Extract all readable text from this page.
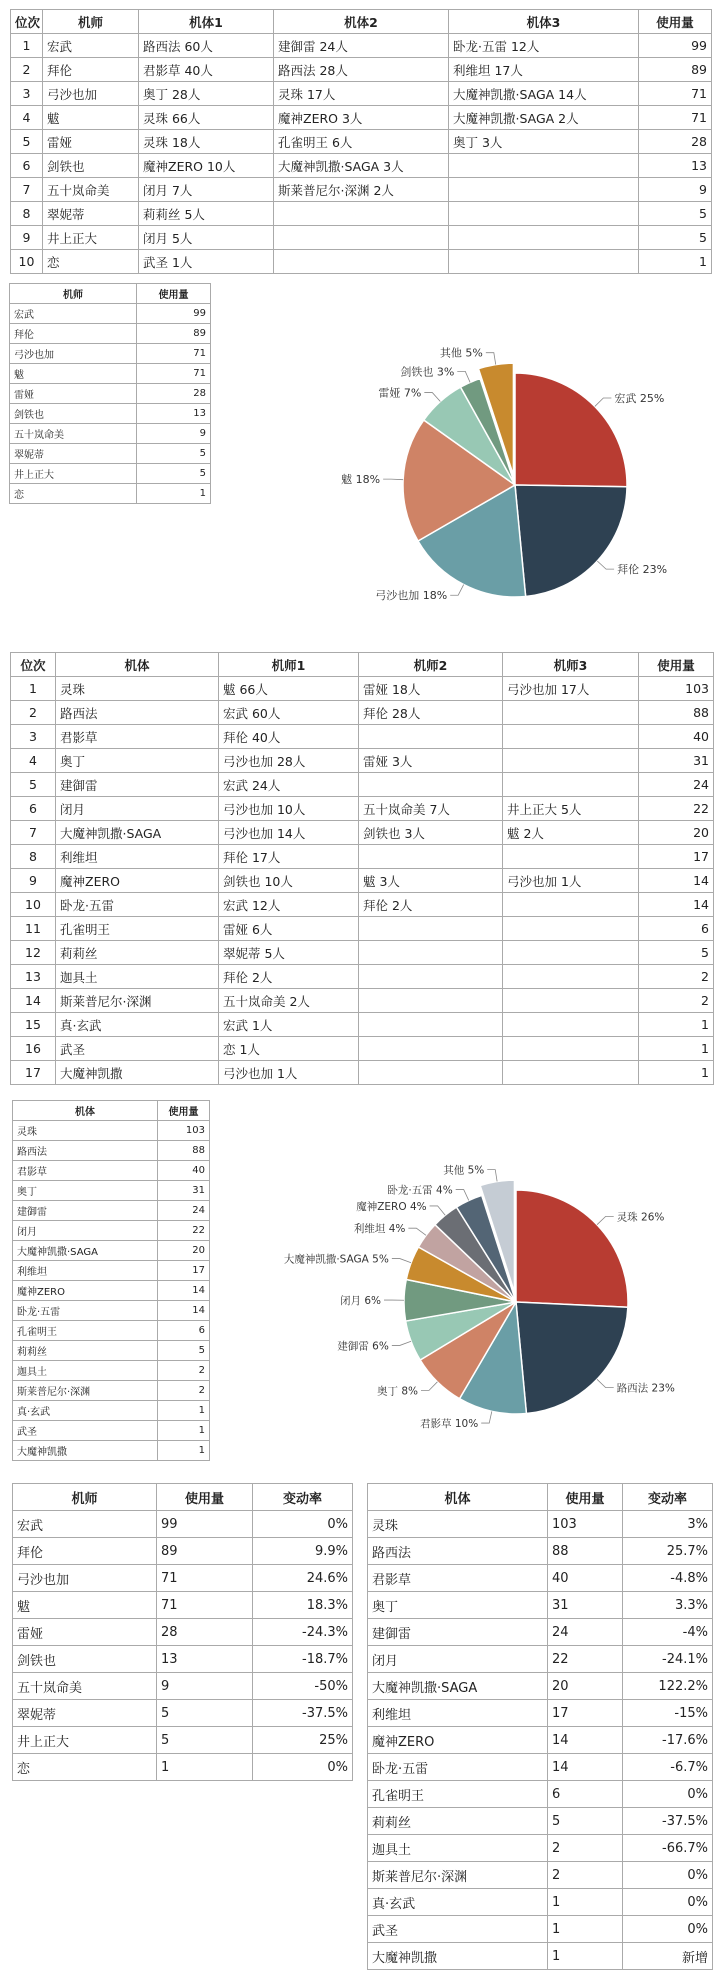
位次	机师	机体1	机体2	机体3	使用量
1	宏武	路西法 60人	建御雷 24人	卧龙·五雷 12人	99
2	拜伦	君影草 40人	路西法 28人	利维坦 17人	89
3	弓沙也加	奥丁 28人	灵珠 17人	大魔神凯撒·SAGA 14人	71
4	魃	灵珠 66人	魔神ZERO 3人	大魔神凯撒·SAGA 2人	71
5	雷娅	灵珠 18人	孔雀明王 6人	奥丁 3人	28
6	剑铁也	魔神ZERO 10人	大魔神凯撒·SAGA 3人		13
7	五十岚命美	闭月 7人	斯莱普尼尔·深渊 2人		9
8	翠妮蒂	莉莉丝 5人			5
9	井上正大	闭月 5人			5
10	恋	武圣 1人			1
机师	使用量
宏武	99
拜伦	89
弓沙也加	71
魃	71
雷娅	28
剑铁也	13
五十岚命美	9
翠妮蒂	5
井上正大	5
恋	1
宏武 25%
拜伦 23%
弓沙也加 18%
魃 18%
雷娅 7%
剑铁也 3%
其他 5%
位次	机体	机师1	机师2	机师3	使用量
1	灵珠	魃 66人	雷娅 18人	弓沙也加 17人	103
2	路西法	宏武 60人	拜伦 28人		88
3	君影草	拜伦 40人			40
4	奥丁	弓沙也加 28人	雷娅 3人		31
5	建御雷	宏武 24人			24
6	闭月	弓沙也加 10人	五十岚命美 7人	井上正大 5人	22
7	大魔神凯撒·SAGA	弓沙也加 14人	剑铁也 3人	魃 2人	20
8	利维坦	拜伦 17人			17
9	魔神ZERO	剑铁也 10人	魃 3人	弓沙也加 1人	14
10	卧龙·五雷	宏武 12人	拜伦 2人		14
11	孔雀明王	雷娅 6人			6
12	莉莉丝	翠妮蒂 5人			5
13	迦具土	拜伦 2人			2
14	斯莱普尼尔·深渊	五十岚命美 2人			2
15	真·玄武	宏武 1人			1
16	武圣	恋 1人			1
17	大魔神凯撒	弓沙也加 1人			1
机体	使用量
灵珠	103
路西法	88
君影草	40
奥丁	31
建御雷	24
闭月	22
大魔神凯撒·SAGA	20
利维坦	17
魔神ZERO	14
卧龙·五雷	14
孔雀明王	6
莉莉丝	5
迦具土	2
斯莱普尼尔·深渊	2
真·玄武	1
武圣	1
大魔神凯撒	1
灵珠 26%
路西法 23%
君影草 10%
奥丁 8%
建御雷 6%
闭月 6%
大魔神凯撒·SAGA 5%
利维坦 4%
魔神ZERO 4%
卧龙·五雷 4%
其他 5%
机师	使用量	变动率
宏武	99	0%
拜伦	89	9.9%
弓沙也加	71	24.6%
魃	71	18.3%
雷娅	28	-24.3%
剑铁也	13	-18.7%
五十岚命美	9	-50%
翠妮蒂	5	-37.5%
井上正大	5	25%
恋	1	0%
机体	使用量	变动率
灵珠	103	3%
路西法	88	25.7%
君影草	40	-4.8%
奥丁	31	3.3%
建御雷	24	-4%
闭月	22	-24.1%
大魔神凯撒·SAGA	20	122.2%
利维坦	17	-15%
魔神ZERO	14	-17.6%
卧龙·五雷	14	-6.7%
孔雀明王	6	0%
莉莉丝	5	-37.5%
迦具土	2	-66.7%
斯莱普尼尔·深渊	2	0%
真·玄武	1	0%
武圣	1	0%
大魔神凯撒	1	新增
